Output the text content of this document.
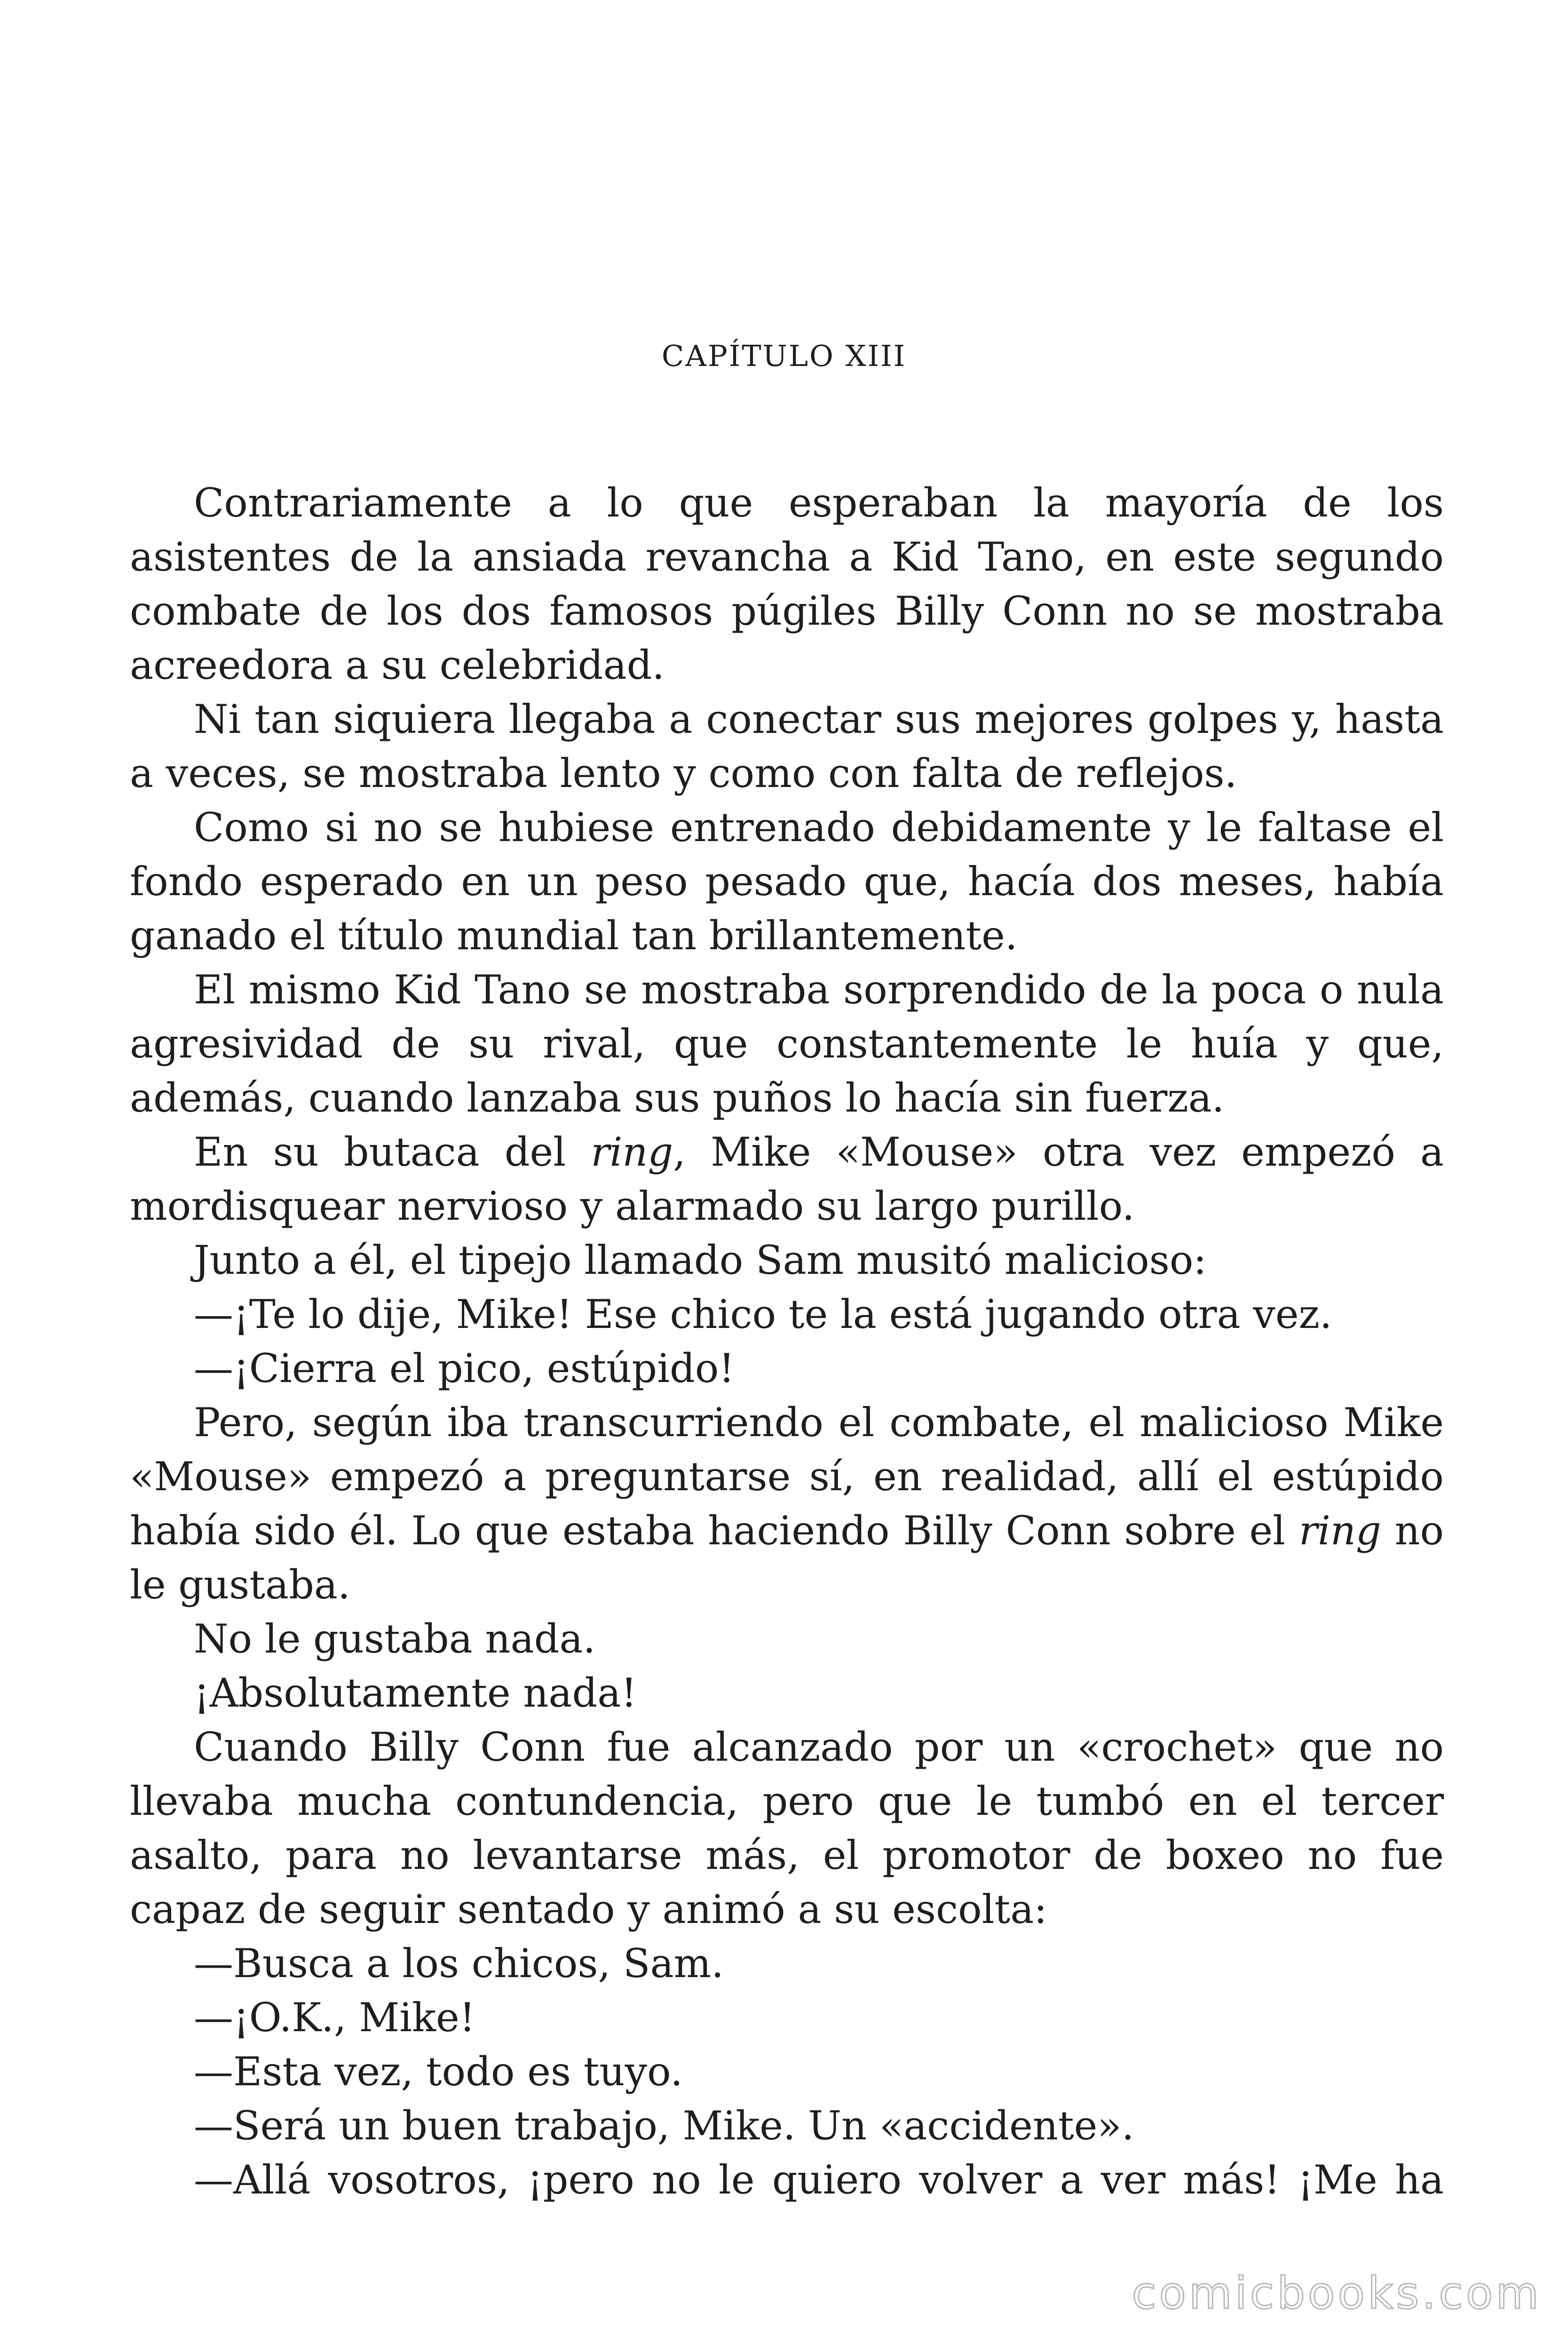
CAPÍTULO XIII

Contrariamente a lo que esperaban la mayoría de los asistentes de la ansiada revancha a Kid Tano, en este segundo combate de los dos famosos púgiles Billy Conn no se mostraba acreedora a su celebridad.

Ni tan siquiera llegaba a conectar sus mejores golpes y, hasta a veces, se mostraba lento y como con falta de reflejos.

Como si no se hubiese entrenado debidamente y le faltase el fondo esperado en un peso pesado que, hacía dos meses, había ganado el título mundial tan brillantemente.

El mismo Kid Tano se mostraba sorprendido de la poca o nula agresividad de su rival, que constantemente le huía y que, además, cuando lanzaba sus puños lo hacía sin fuerza.

En su butaca del ring, Mike «Mouse» otra vez empezó a mordisquear nervioso y alarmado su largo purillo.

Junto a él, el tipejo llamado Sam musitó malicioso:

—¡Te lo dije, Mike! Ese chico te la está jugando otra vez.

—¡Cierra el pico, estúpido!

Pero, según iba transcurriendo el combate, el malicioso Mike «Mouse» empezó a preguntarse sí, en realidad, allí el estúpido había sido él. Lo que estaba haciendo Billy Conn sobre el ring no le gustaba.

No le gustaba nada.

¡Absolutamente nada!

Cuando Billy Conn fue alcanzado por un «crochet» que no llevaba mucha contundencia, pero que le tumbó en el tercer asalto, para no levantarse más, el promotor de boxeo no fue capaz de seguir sentado y animó a su escolta:

—Busca a los chicos, Sam.

—¡O.K., Mike!

—Esta vez, todo es tuyo.

—Será un buen trabajo, Mike. Un «accidente».

—Allá vosotros, ¡pero no le quiero volver a ver más! ¡Me ha

comicbooks.com
